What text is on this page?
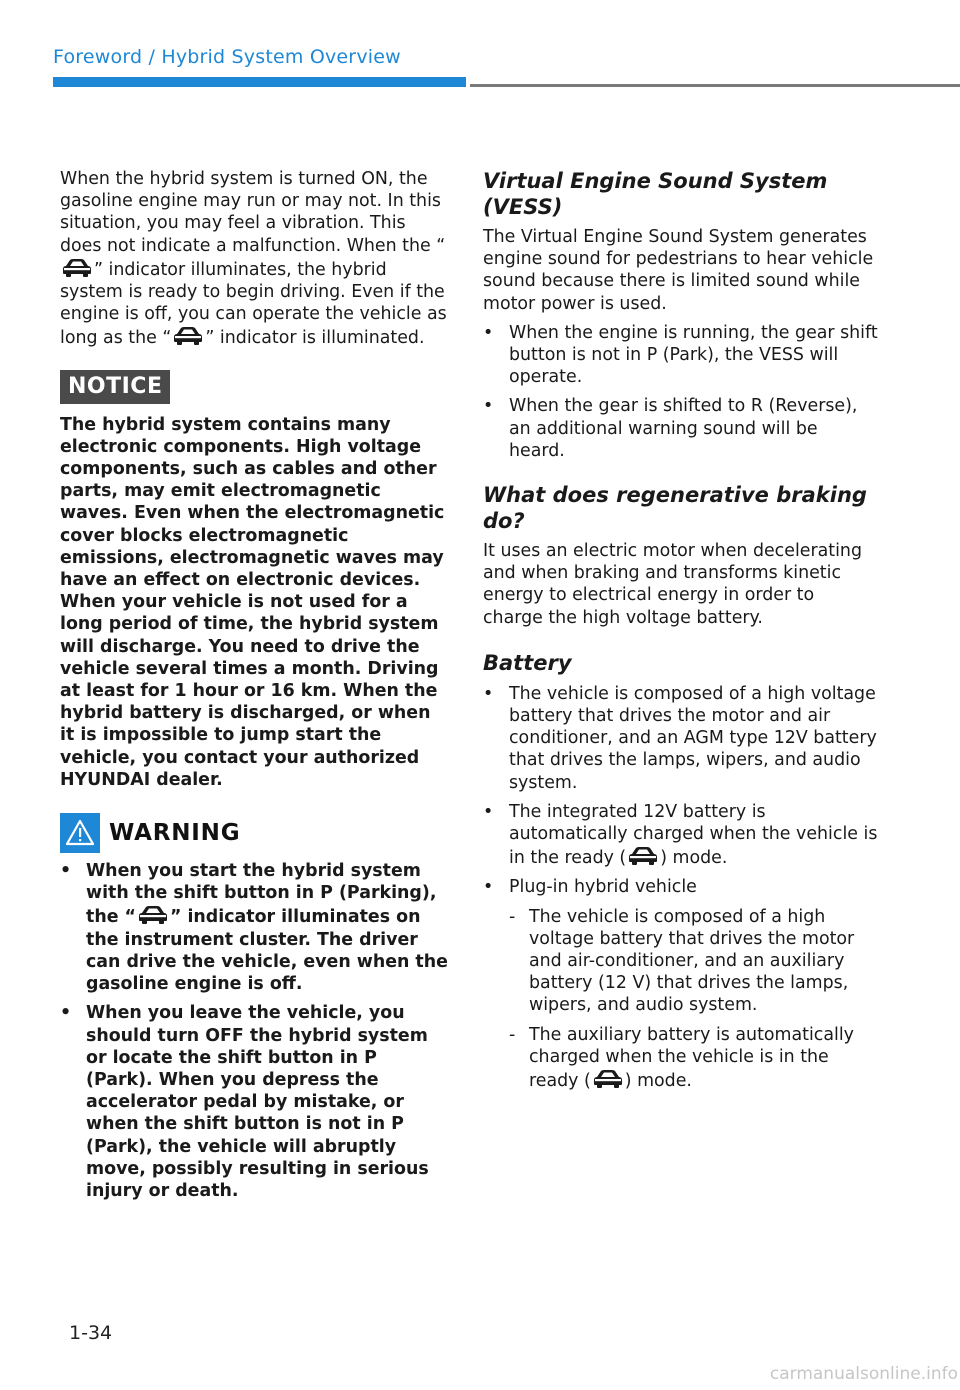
Foreword / Hybrid System Overview

When the hybrid system is turned ON, the gasoline engine may run or may not. In this situation, you may feel a vibration. This does not indicate a malfunction. When the “” indicator illuminates, the hybrid system is ready to begin driving. Even if the engine is off, you can operate the vehicle as long as the “ ” indicator is illuminated.

NOTICE

The hybrid system contains many electronic components. High voltage components, such as cables and other parts, may emit electromagnetic waves. Even when the electromagnetic cover blocks electromagnetic emissions, electromagnetic waves may have an effect on electronic devices. When your vehicle is not used for a long period of time, the hybrid system will discharge. You need to drive the vehicle several times a month. Driving at least for 1 hour or 16 km. When the hybrid battery is discharged, or when it is impossible to jump start the vehicle, you contact your authorized HYUNDAI dealer.

WARNING
• When you start the hybrid system with the shift button in P (Parking), the “ ” indicator illuminates on the instrument cluster. The driver can drive the vehicle, even when the gasoline engine is off.
• When you leave the vehicle, you should turn OFF the hybrid system or locate the shift button in P (Park). When you depress the accelerator pedal by mistake, or when the shift button is not in P (Park), the vehicle will abruptly move, possibly resulting in serious injury or death.
Virtual Engine Sound System (VESS)

The Virtual Engine Sound System generates engine sound for pedestrians to hear vehicle sound because there is limited sound while motor power is used.

• When the engine is running, the gear shift button is not in P (Park), the VESS will operate.
• When the gear is shifted to R (Reverse), an additional warning sound will be heard.
What does regenerative braking do?

It uses an electric motor when decelerating and when braking and transforms kinetic energy to electrical energy in order to charge the high voltage battery.

Battery
• The vehicle is composed of a high voltage battery that drives the motor and air conditioner, and an AGM type 12V battery that drives the lamps, wipers, and audio system.
• The integrated 12V battery is automatically charged when the vehicle is in the ready ( ) mode.
• Plug-in hybrid vehicle
- The vehicle is composed of a high voltage battery that drives the motor and air-conditioner, and an auxiliary battery (12 V) that drives the lamps, wipers, and audio system.
- The auxiliary battery is automatically charged when the vehicle is in the ready ( ) mode.
1-34
carmanualsonline.info
